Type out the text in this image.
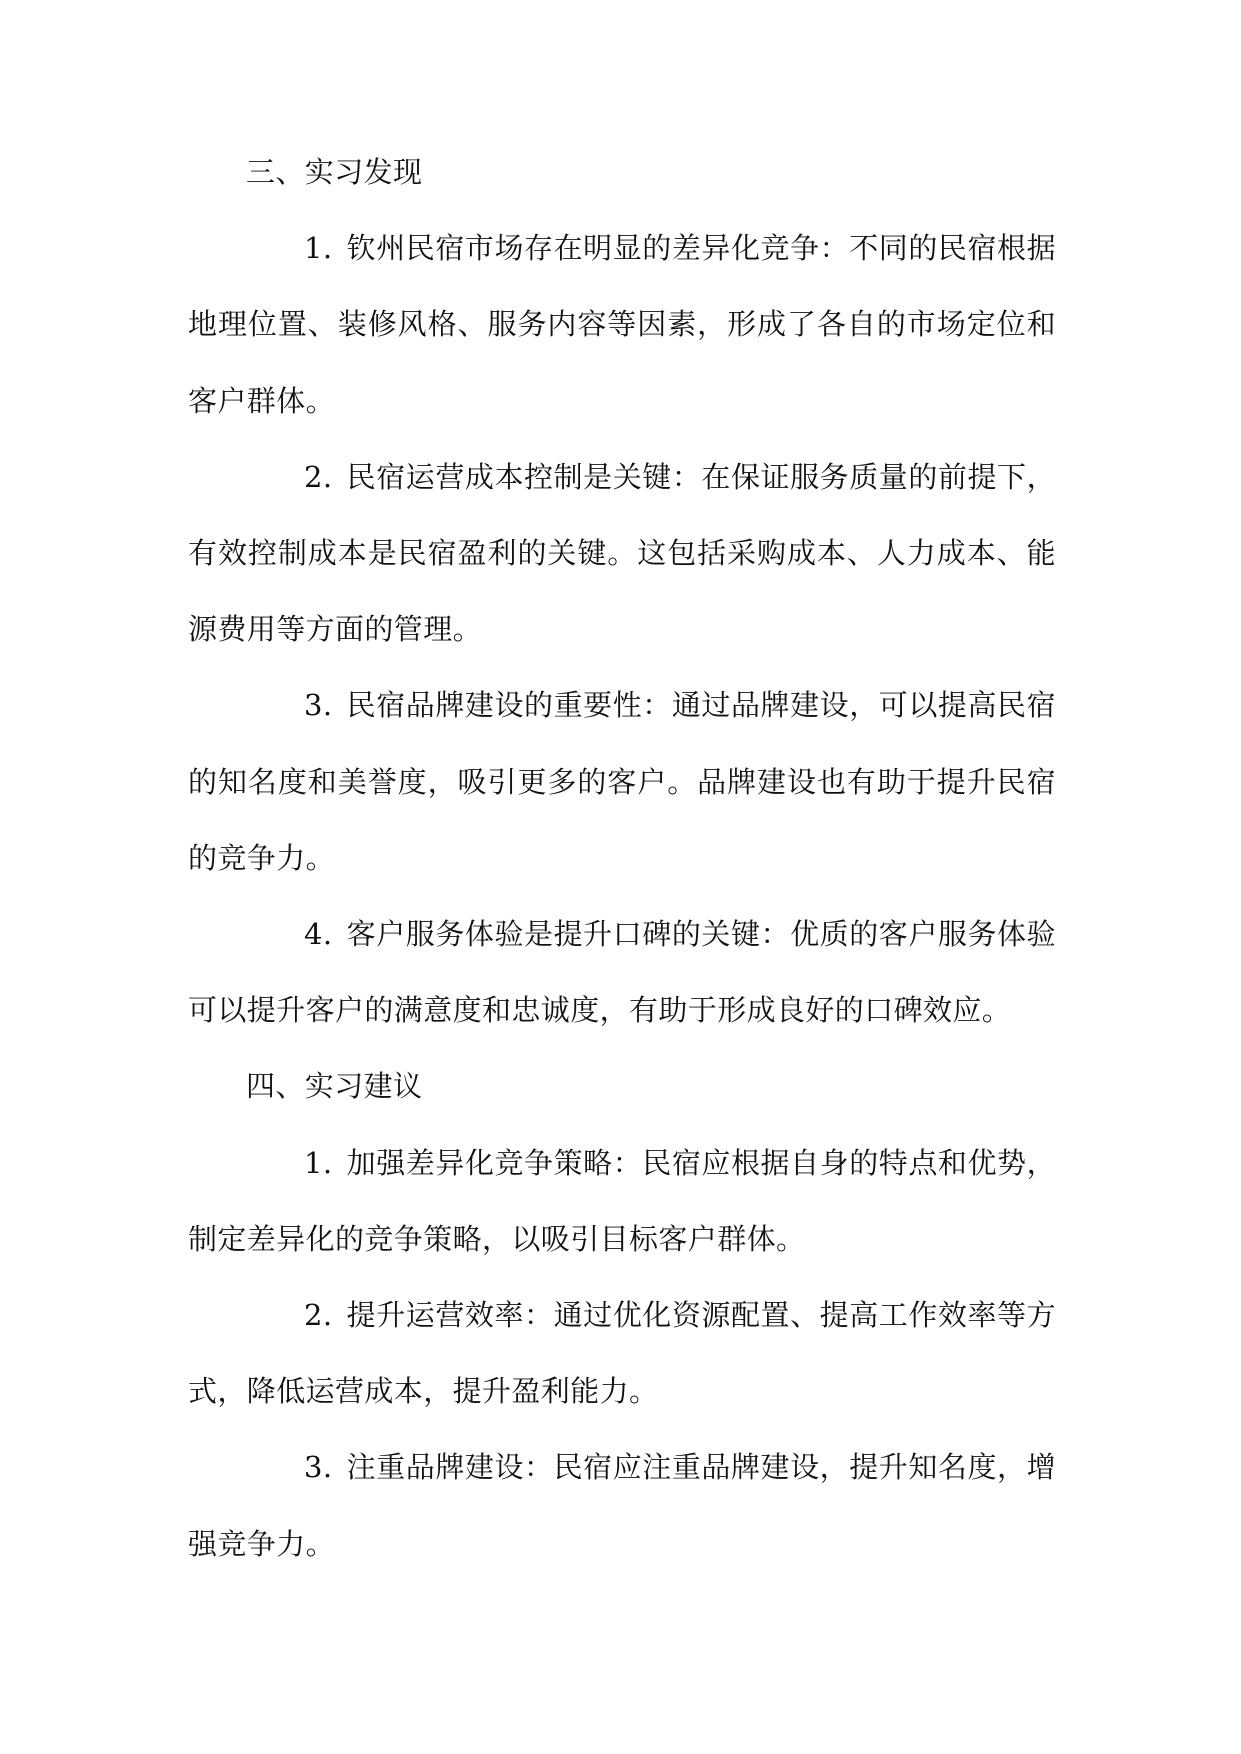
三、实习发现

1. 钦州民宿市场存在明显的差异化竞争：不同的民宿根据地理位置、装修风格、服务内容等因素，形成了各自的市场定位和客户群体。

2. 民宿运营成本控制是关键：在保证服务质量的前提下，有效控制成本是民宿盈利的关键。这包括采购成本、人力成本、能源费用等方面的管理。

3. 民宿品牌建设的重要性：通过品牌建设，可以提高民宿的知名度和美誉度，吸引更多的客户。品牌建设也有助于提升民宿的竞争力。

4. 客户服务体验是提升口碑的关键：优质的客户服务体验可以提升客户的满意度和忠诚度，有助于形成良好的口碑效应。

四、实习建议

1. 加强差异化竞争策略：民宿应根据自身的特点和优势，制定差异化的竞争策略，以吸引目标客户群体。

2. 提升运营效率：通过优化资源配置、提高工作效率等方式，降低运营成本，提升盈利能力。

3. 注重品牌建设：民宿应注重品牌建设，提升知名度，增强竞争力。
